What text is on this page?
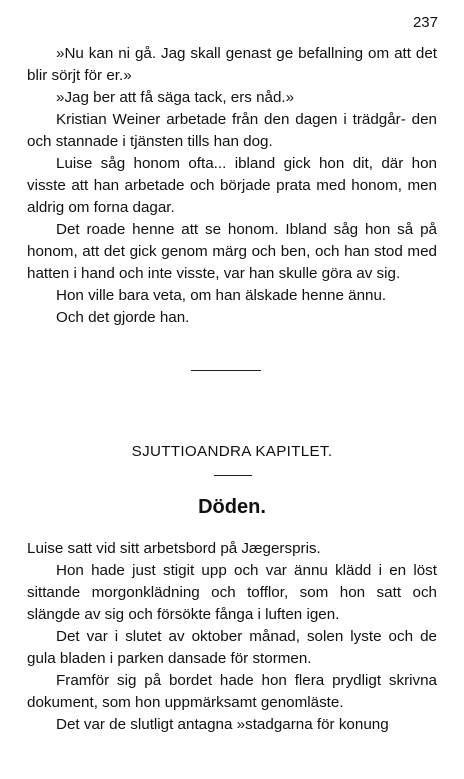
237

»Nu kan ni gå. Jag skall genast ge befallning om att det blir sörjt för er.»

»Jag ber att få säga tack, ers nåd.»

Kristian Weiner arbetade från den dagen i trädgår- den och stannade i tjänsten tills han dog.

Luise såg honom ofta... ibland gick hon dit, där hon visste att han arbetade och började prata med honom, men aldrig om forna dagar.

Det roade henne att se honom. Ibland såg hon så på honom, att det gick genom märg och ben, och han stod med hatten i hand och inte visste, var han skulle göra av sig.

Hon ville bara veta, om han älskade henne ännu.

Och det gjorde han.

SJUTTIOANDRA KAPITLET.
Döden.

Luise satt vid sitt arbetsbord på Jægerspris.

Hon hade just stigit upp och var ännu klädd i en löst sittande morgonklädning och tofflor, som hon satt och slängde av sig och försökte fånga i luften igen.

Det var i slutet av oktober månad, solen lyste och de gula bladen i parken dansade för stormen.

Framför sig på bordet hade hon flera prydligt skrivna dokument, som hon uppmärksamt genomläste.

Det var de slutligt antagna »stadgarna för konung
